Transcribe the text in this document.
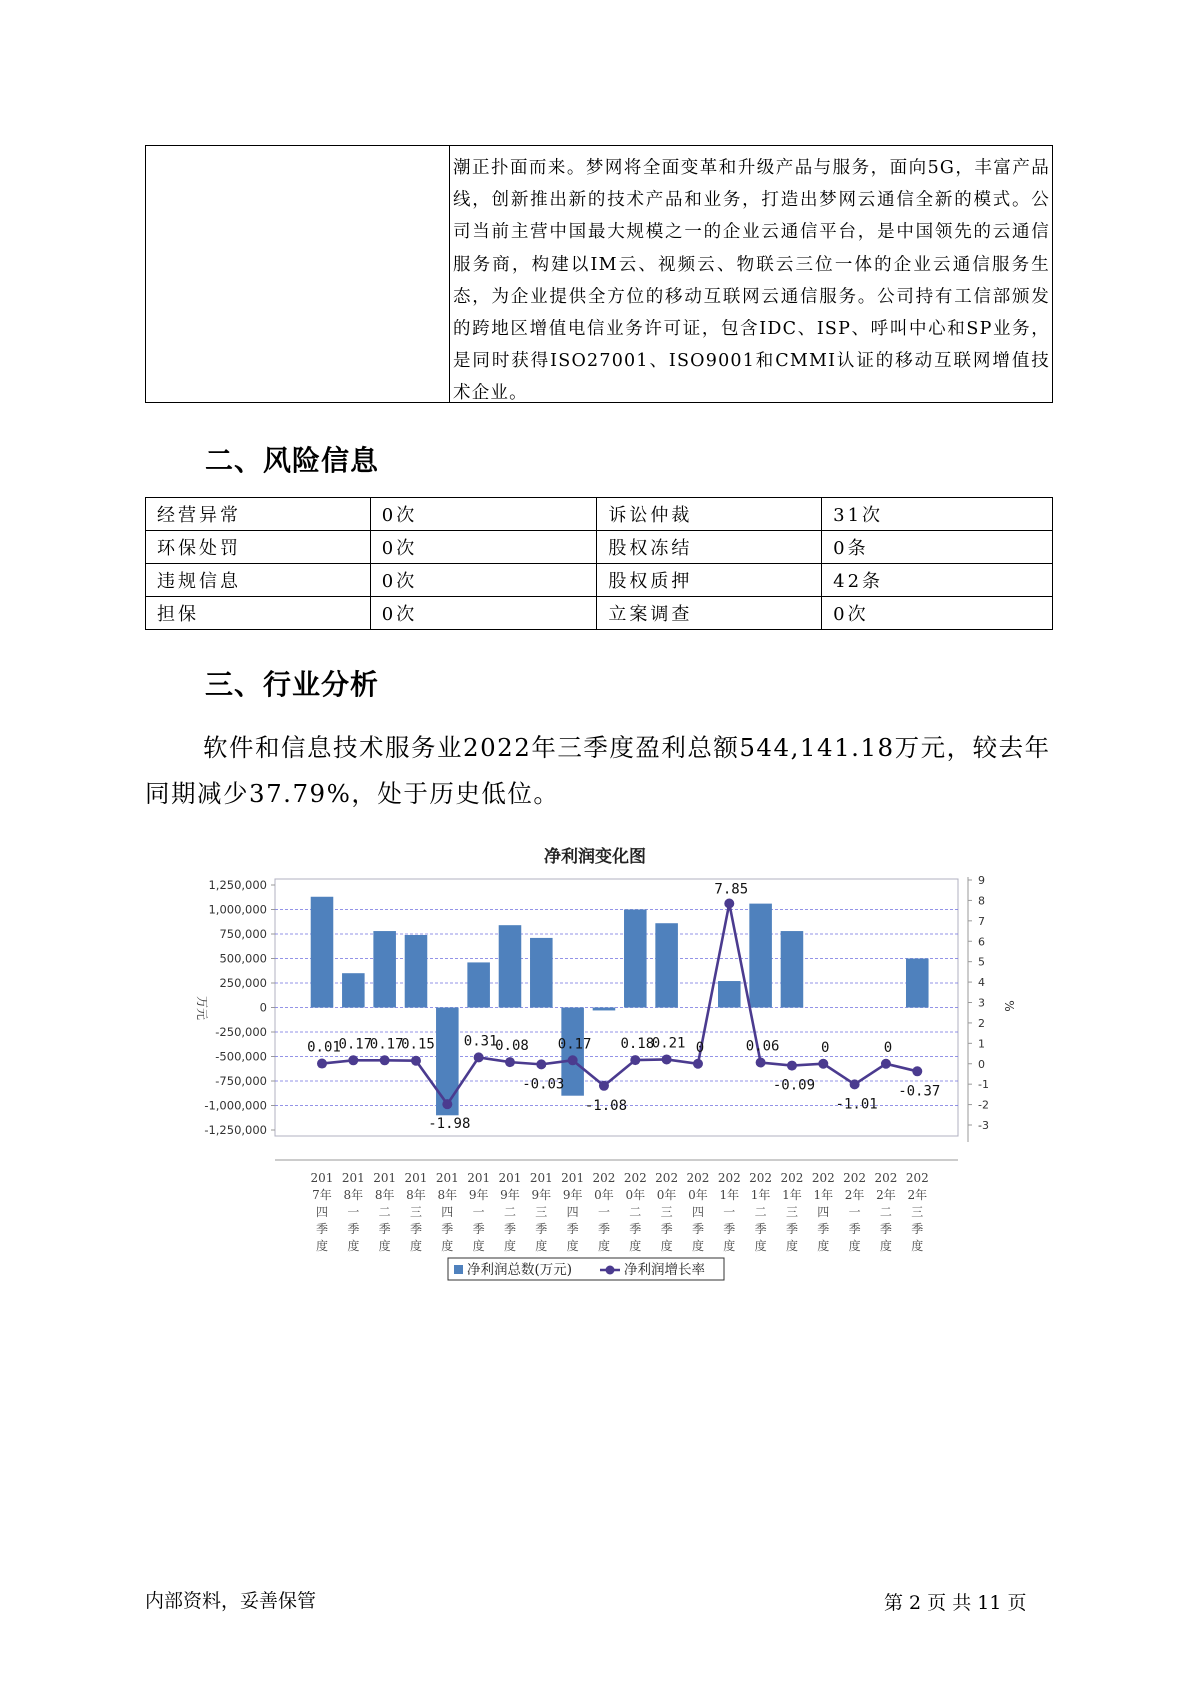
潮正扑面而来。梦网将全面变革和升级产品与服务，面向5G，丰富产品线，创新推出新的技术产品和业务，打造出梦网云通信全新的模式。公司当前主营中国最大规模之一的企业云通信平台，是中国领先的云通信服务商，构建以IM云、视频云、物联云三位一体的企业云通信服务生态，为企业提供全方位的移动互联网云通信服务。公司持有工信部颁发的跨地区增值电信业务许可证，包含IDC、ISP、呼叫中心和SP业务，是同时获得ISO27001、ISO9001和CMMI认证的移动互联网增值技术企业。
二、风险信息
经营异常	0次	诉讼仲裁	31次
环保处罚	0次	股权冻结	0条
违规信息	0次	股权质押	42条
担保	0次	立案调查	0次
三、行业分析
软件和信息技术服务业2022年三季度盈利总额544,141.18万元，较去年同期减少37.79%，处于历史低位。
净利润变化图
1,250,000
1,000,000
750,000
500,000
250,000
0
-250,000
-500,000
-750,000
-1,000,000
-1,250,000
万元
9
8
7
6
5
4
3
2
1
0
-1
-2
-3
%
0.01
0.17
0.17
0.15
-1.98
0.31
0.08
-0.03
0.17
-1.08
0.18
0.21 0
7.85
0.06
-0.09
0
-1.01
0
-0.37
201 7年四季度
201 8年一季度
201 8年二季度
201 8年三季度
201 8年四季度
201 9年一季度
201 9年二季度
201 9年三季度
201 9年四季度
202 0年一季度
202 0年二季度
202 0年三季度
202 0年四季度
202 1年一季度
202 1年二季度
202 1年三季度
202 1年四季度
202 2年一季度
202 2年二季度
202 2年三季度
净利润总数(万元)	净利润增长率
内部资料，妥善保管	第 2 页 共 11 页
